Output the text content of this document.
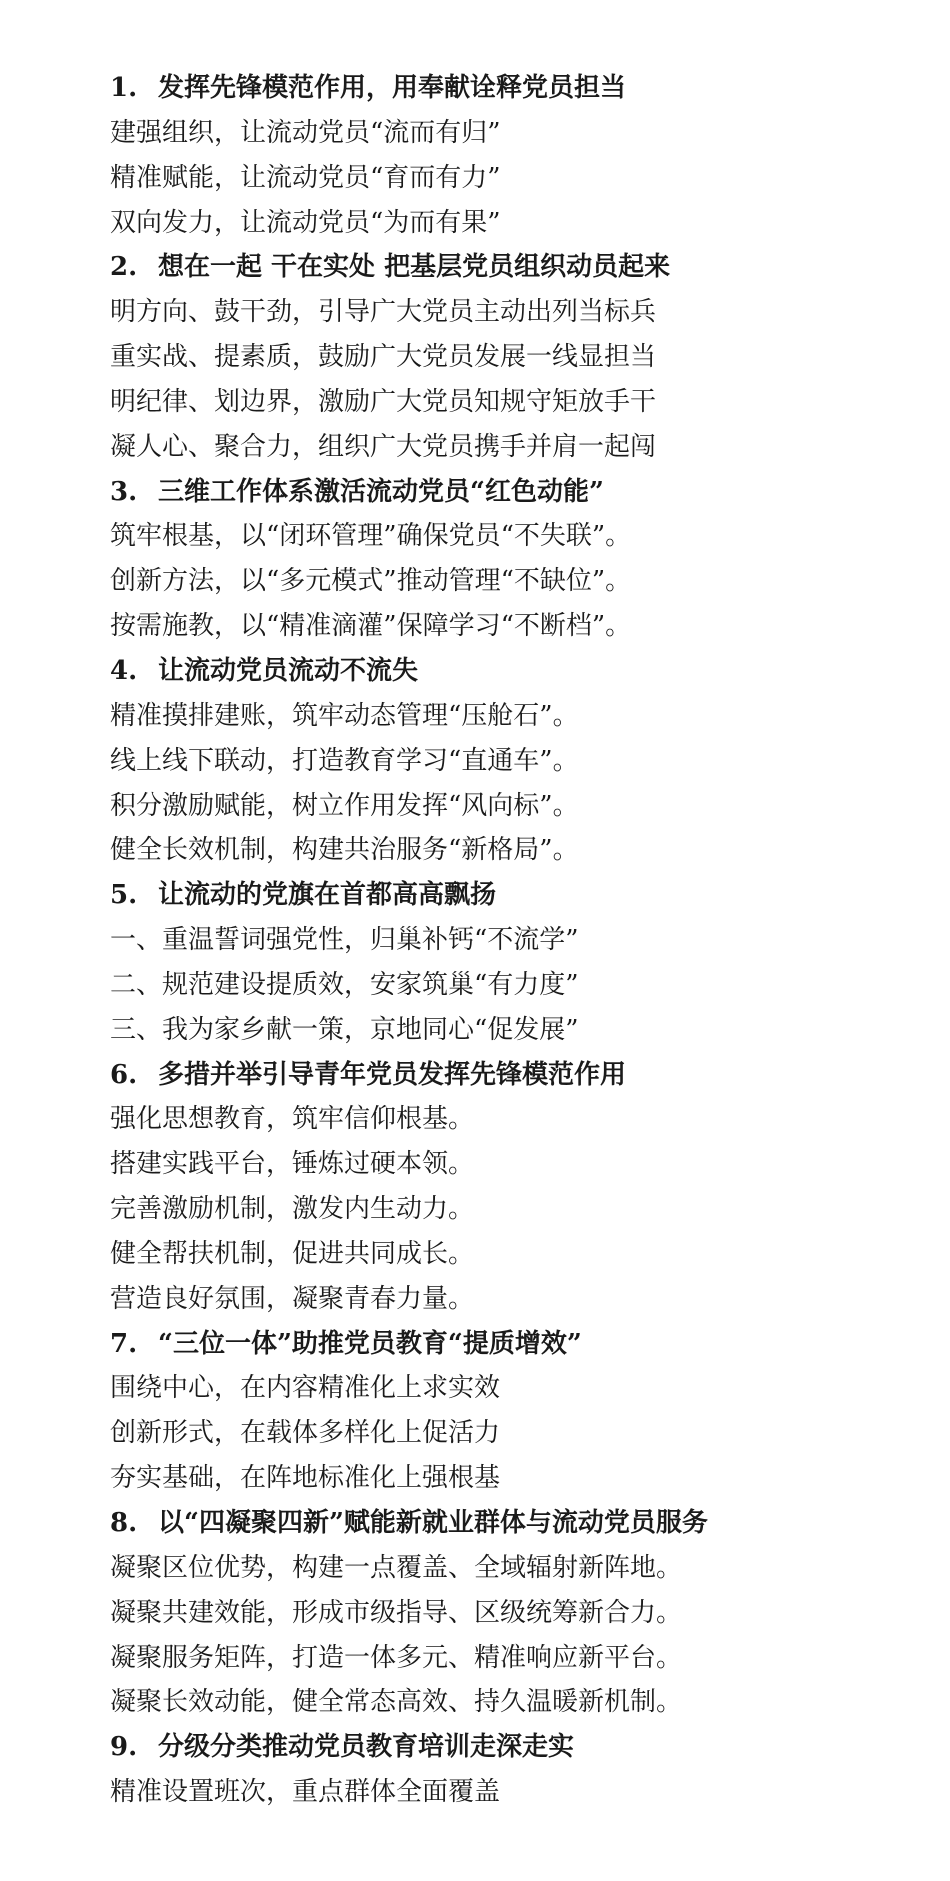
1. 发挥先锋模范作用，用奉献诠释党员担当
建强组织，让流动党员“流而有归”
精准赋能，让流动党员“育而有力”
双向发力，让流动党员“为而有果”
2. 想在一起 干在实处 把基层党员组织动员起来
明方向、鼓干劲，引导广大党员主动出列当标兵
重实战、提素质，鼓励广大党员发展一线显担当
明纪律、划边界，激励广大党员知规守矩放手干
凝人心、聚合力，组织广大党员携手并肩一起闯
3. 三维工作体系激活流动党员“红色动能”
筑牢根基，以“闭环管理”确保党员“不失联”。
创新方法，以“多元模式”推动管理“不缺位”。
按需施教，以“精准滴灌”保障学习“不断档”。
4. 让流动党员流动不流失
精准摸排建账，筑牢动态管理“压舱石”。
线上线下联动，打造教育学习“直通车”。
积分激励赋能，树立作用发挥“风向标”。
健全长效机制，构建共治服务“新格局”。
5. 让流动的党旗在首都高高飘扬
一、重温誓词强党性，归巢补钙“不流学”
二、规范建设提质效，安家筑巢“有力度”
三、我为家乡献一策，京地同心“促发展”
6. 多措并举引导青年党员发挥先锋模范作用
强化思想教育，筑牢信仰根基。
搭建实践平台，锤炼过硬本领。
完善激励机制，激发内生动力。
健全帮扶机制，促进共同成长。
营造良好氛围，凝聚青春力量。
7. “三位一体”助推党员教育“提质增效”
围绕中心，在内容精准化上求实效
创新形式，在载体多样化上促活力
夯实基础，在阵地标准化上强根基
8. 以“四凝聚四新”赋能新就业群体与流动党员服务
凝聚区位优势，构建一点覆盖、全域辐射新阵地。
凝聚共建效能，形成市级指导、区级统筹新合力。
凝聚服务矩阵，打造一体多元、精准响应新平台。
凝聚长效动能，健全常态高效、持久温暖新机制。
9. 分级分类推动党员教育培训走深走实
精准设置班次，重点群体全面覆盖
